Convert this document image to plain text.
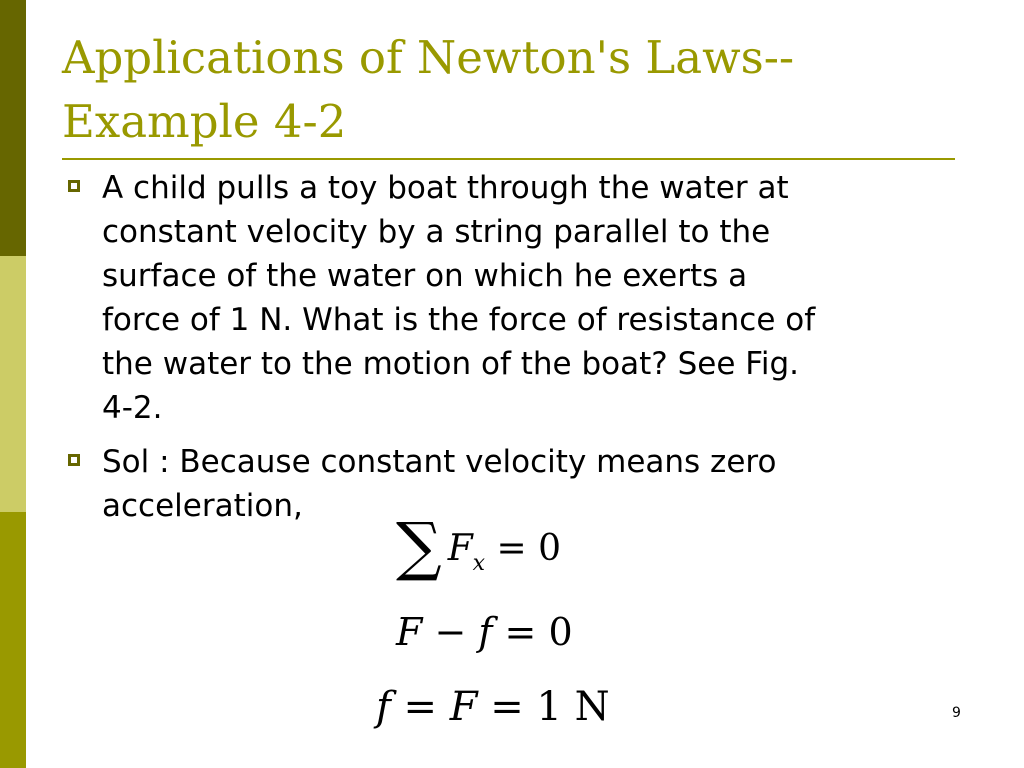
Applications of Newton's Laws--
Example 4-2
A child pulls a toy boat through the water at
constant velocity by a string parallel to the
surface of the water on which he exerts a
force of 1 N. What is the force of resistance of
the water to the motion of the boat? See Fig.
4-2.
Sol : Because constant velocity means zero
acceleration,
∑ $F_x = 0$
F − f = 0
f = F = 1 N	9
